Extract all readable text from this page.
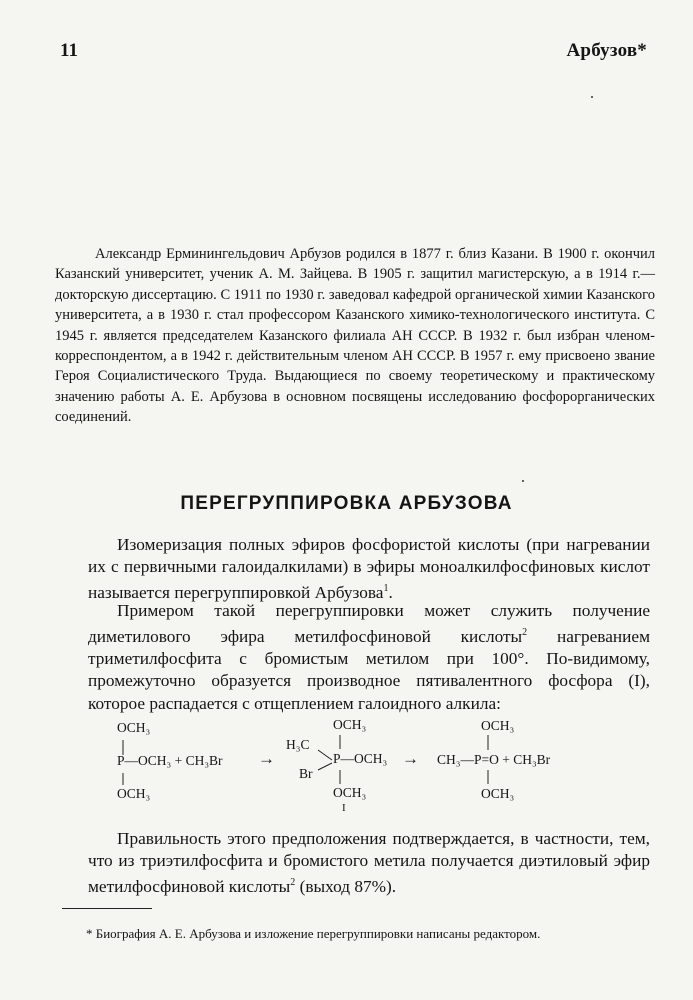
11	Арбузов*

Александр Ерминингельдович Арбузов родился в 1877 г. близ Казани. В 1900 г. окончил Казанский университет, ученик А. М. Зайцева. В 1905 г. защитил магистерскую, а в 1914 г.—докторскую диссертацию. С 1911 по 1930 г. заведовал кафедрой органической химии Казанского университета, а в 1930 г. стал профессором Казанского химико-технологического института. С 1945 г. является председателем Казанского филиала АН СССР. В 1932 г. был избран членом-корреспондентом, а в 1942 г. действительным членом АН СССР. В 1957 г. ему присвоено звание Героя Социалистического Труда. Выдающиеся по своему теоретическому и практическому значению работы А. Е. Арбузова в основном посвящены исследованию фосфорорганических соединений.

ПЕРЕГРУППИРОВКА АРБУЗОВА

Изомеризация полных эфиров фосфористой кислоты (при нагревании их с первичными галоидалкилами) в эфиры моноалкилфосфиновых кислот называется перегруппировкой Арбузова$^1$.

Примером такой перегруппировки может служить получение диметилового эфира метилфосфиновой кислоты$^2$ нагреванием триметилфосфита с бромистым метилом при 100°. По-видимому, промежуточно образуется производное пятивалентного фосфора (I), которое распадается с отщеплением галоидного алкила:

OCH₃
P—OCH₃ + CH₃Br
OCH₃
→
OCH₃
H₃C
P—OCH₃
Br
OCH₃
I
→
OCH₃
CH₃—P=O + CH₃Br
OCH₃

Правильность этого предположения подтверждается, в частности, тем, что из триэтилфосфита и бромистого метила получается диэтиловый эфир метилфосфиновой кислоты$^2$ (выход 87%).

* Биография А. Е. Арбузова и изложение перегруппировки написаны редактором.
